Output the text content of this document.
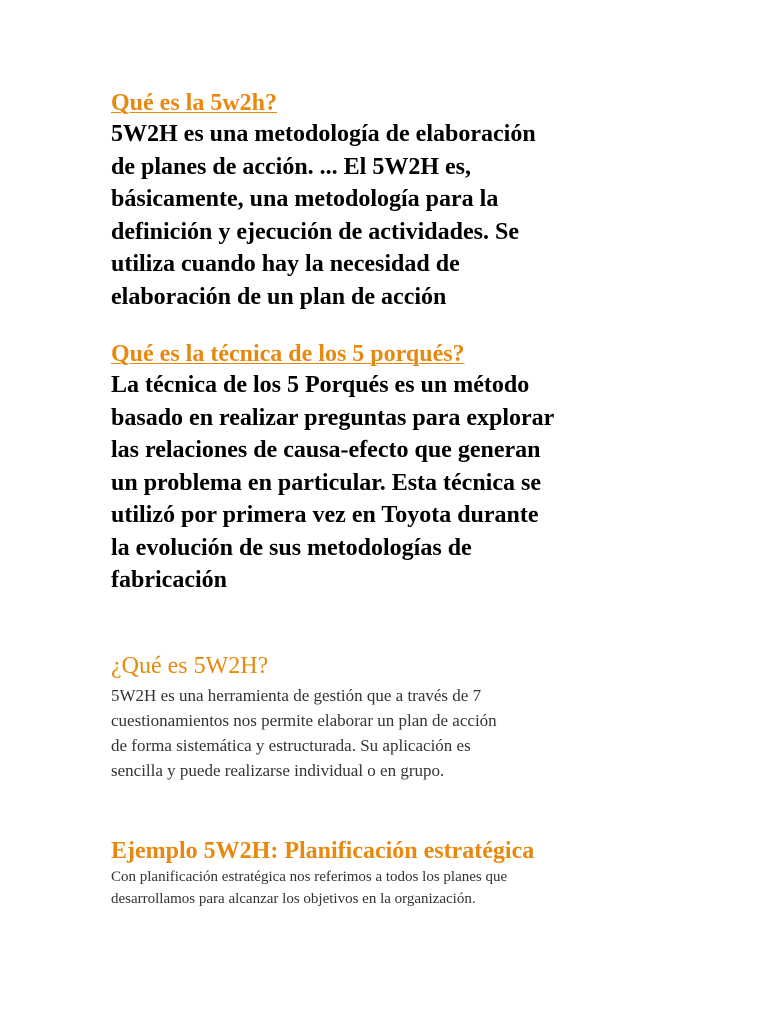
Qué es la 5w2h?

5W2H es una metodología de elaboración
de planes de acción. ... El 5W2H es,
básicamente, una metodología para la
definición y ejecución de actividades. Se
utiliza cuando hay la necesidad de
elaboración de un plan de acción

Qué es la técnica de los 5 porqués?

La técnica de los 5 Porqués es un método
basado en realizar preguntas para explorar
las relaciones de causa-efecto que generan
un problema en particular. Esta técnica se
utilizó por primera vez en Toyota durante
la evolución de sus metodologías de
fabricación

¿Qué es 5W2H?

5W2H es una herramienta de gestión que a través de 7
cuestionamientos nos permite elaborar un plan de acción
de forma sistemática y estructurada. Su aplicación es
sencilla y puede realizarse individual o en grupo.

Ejemplo 5W2H: Planificación estratégica

Con planificación estratégica nos referimos a todos los planes que
desarrollamos para alcanzar los objetivos en la organización.
